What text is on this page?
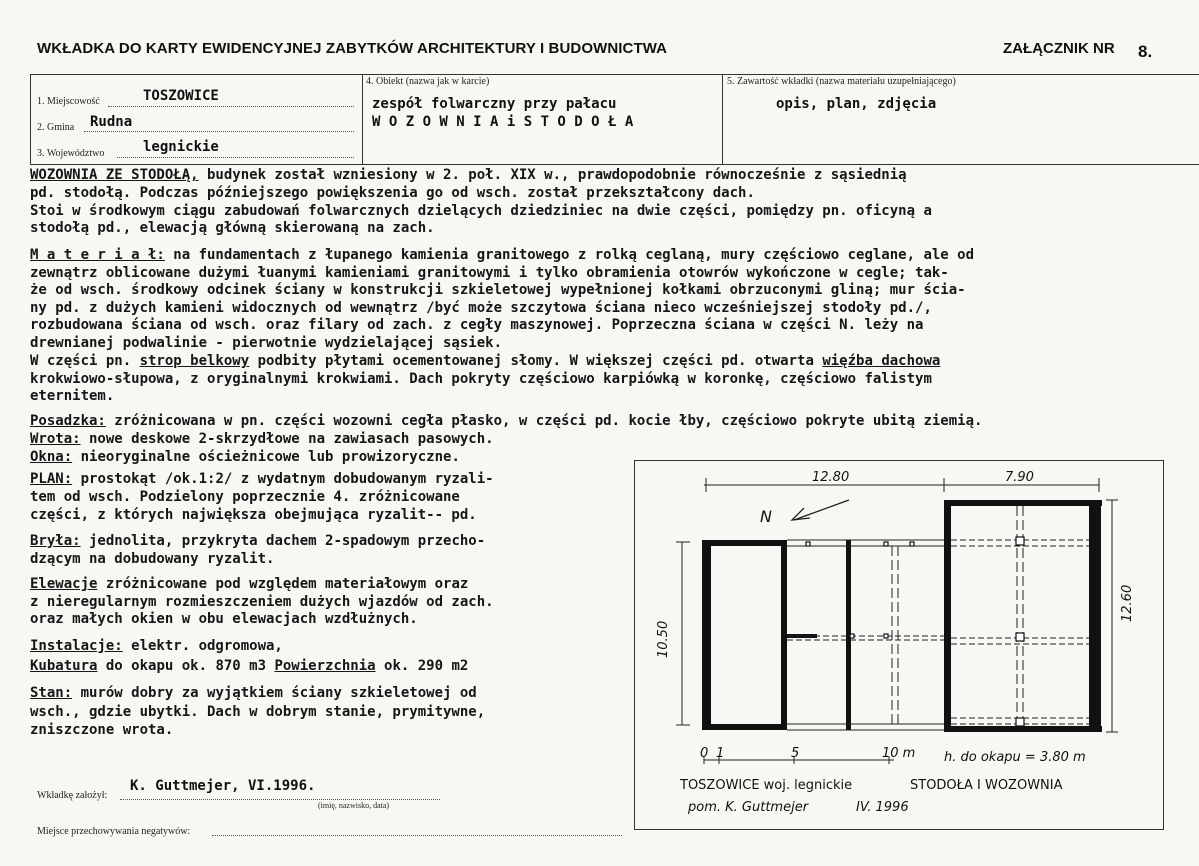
WKŁADKA DO KARTY EWIDENCYJNEJ ZABYTKÓW ARCHITEKTURY I BUDOWNICTWA	ZAŁĄCZNIK NR 8.
1. Miejscowość	TOSZOWICE
2. Gmina Rudna
3. Województwo	legnickie
4. Obiekt (nazwa jak w karcie)
zespół folwarczny przy pałacu
W O Z O W N I A i S T O D O Ł A
5. Zawartość wkładki (nazwa materiału uzupełniającego)
opis, plan, zdjęcia
WOZOWNIA ZE STODOŁĄ, budynek został wzniesiony w 2. poł. XIX w., prawdopodobnie równocześnie z sąsiednią
pd. stodołą. Podczas późniejszego powiększenia go od wsch. został przekształcony dach.
Stoi w środkowym ciągu zabudowań folwarcznych dzielących dziedziniec na dwie części, pomiędzy pn. oficyną a
stodołą pd., elewacją główną skierowaną na zach.
M a t e r i a ł: na fundamentach z łupanego kamienia granitowego z rolką ceglaną, mury częściowo ceglane, ale od
zewnątrz oblicowane dużymi łuanymi kamieniami granitowymi i tylko obramienia otowrów wykończone w cegle; tak-
że od wsch. środkowy odcinek ściany w konstrukcji szkieletowej wypełnionej kołkami obrzuconymi gliną; mur ścia-
ny pd. z dużych kamieni widocznych od wewnątrz /być może szczytowa ściana nieco wcześniejszej stodoły pd./,
rozbudowana ściana od wsch. oraz filary od zach. z cegły maszynowej. Poprzeczna ściana w części N. leży na
drewnianej podwalinie - pierwotnie wydzielającej sąsiek.
W części pn. strop belkowy podbity płytami ocementowanej słomy. W większej części pd. otwarta więźba dachowa
krokwiowo-słupowa, z oryginalnymi krokwiami. Dach pokryty częściowo karpiówką w koronkę, częściowo falistym
eternitem.
Posadzka: zróżnicowana w pn. części wozowni cegła płasko, w części pd. kocie łby, częściowo pokryte ubitą ziemią.
Wrota: nowe deskowe 2-skrzydłowe na zawiasach pasowych.
Okna: nieoryginalne ościeżnicowe lub prowizoryczne.
PLAN: prostokąt /ok.1:2/ z wydatnym dobudowanym ryzali-
tem od wsch. Podzielony poprzecznie 4. zróżnicowane
części, z których największa obejmująca ryzalit-- pd.
Bryła: jednolita, przykryta dachem 2-spadowym przecho-
dzącym na dobudowany ryzalit.
Elewacje zróżnicowane pod względem materiałowym oraz
z nieregularnym rozmieszczeniem dużych wjazdów od zach.
oraz małych okien w obu elewacjach wzdłużnych.
Instalacje: elektr. odgromowa,
Kubatura do okapu ok. 870 m3 Powierzchnia ok. 290 m2
Stan: murów dobry za wyjątkiem ściany szkieletowej od
wsch., gdzie ubytki. Dach w dobrym stanie, prymitywne,
zniszczone wrota.
12.80	7.90
10.50
12.60
N
0 1	5	10 m h. do okapu = 3.80 m
TOSZOWICE woj. legnickie	STODOŁA I WOZOWNIA
pom. K. Guttmejer	IV. 1996
Wkładkę założył:
K. Guttmejer, VI.1996.
(imię, nazwisko, data)
Miejsce przechowywania negatywów:
